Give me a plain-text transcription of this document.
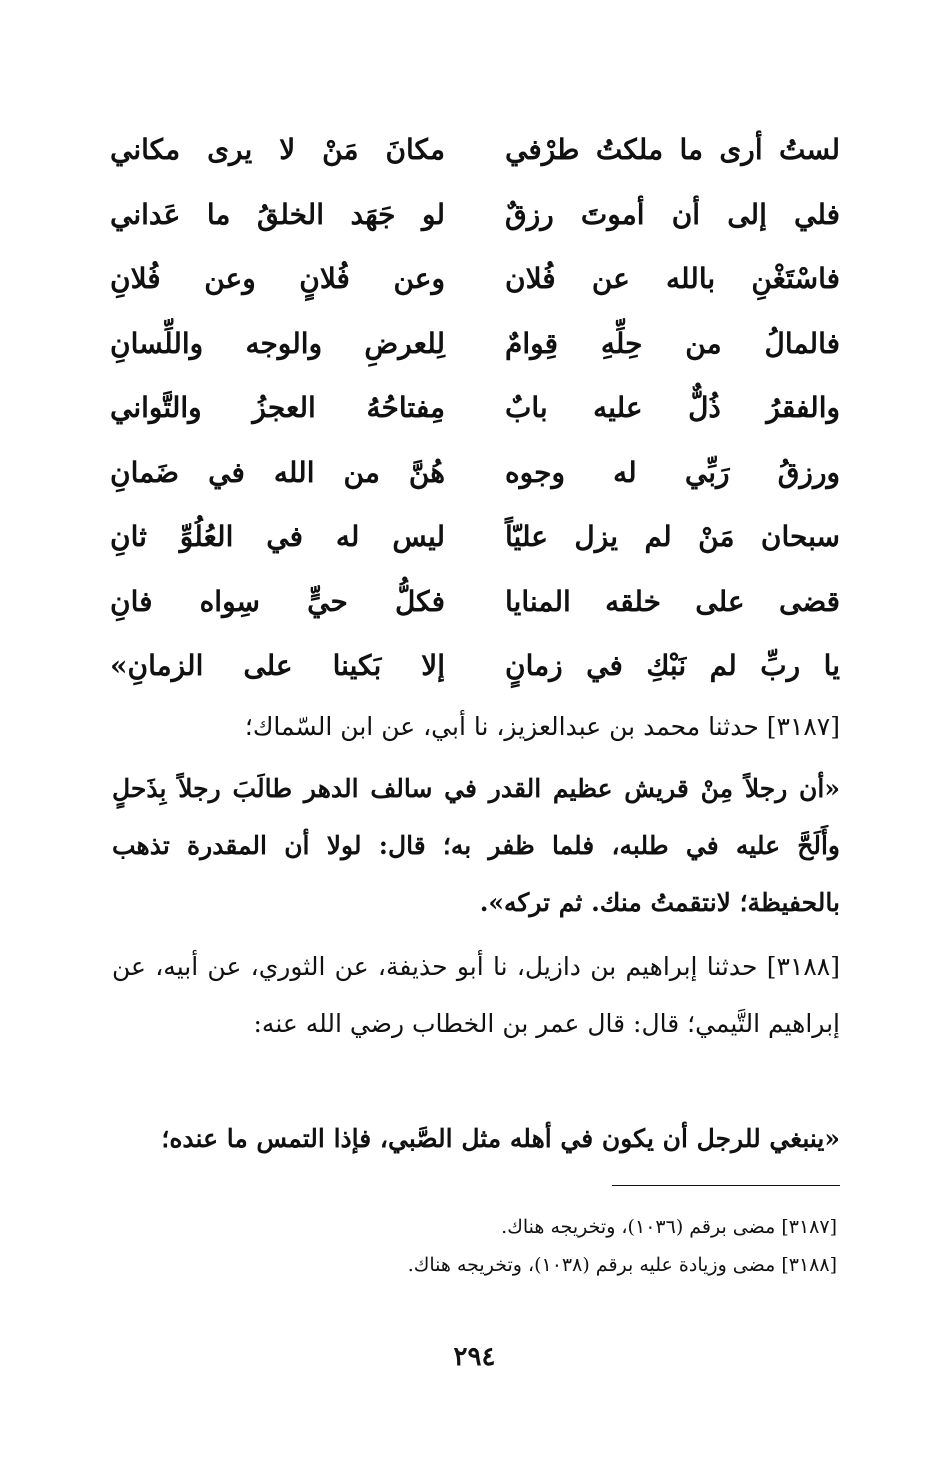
لستُ أرى ما ملكتُ طرْفي
مكانَ مَنْ لا يرى مكاني
فلي إلى أن أموتَ رزقٌ
لو جَهَد الخلقُ ما عَداني
فاسْتَغْنِ بالله عن فُلان
وعن فُلانٍ وعن فُلانِ
فالمالُ من حِلِّهِ قِوامٌ
لِلعرضِ والوجه واللِّسانِ
والفقرُ ذُلٌّ عليه بابٌ
مِفتاحُهُ العجزُ والتَّواني
ورزقُ رَبِّي له وجوه
هُنَّ من الله في ضَمانِ
سبحان مَنْ لم يزل عليّاً
ليس له في العُلُوِّ ثانِ
قضى على خلقه المنايا
فكلُّ حيٍّ سِواه فانِ
يا ربِّ لم نَبْكِ في زمانٍ
إلا بَكينا على الزمانِ»
[٣١٨٧] حدثنا محمد بن عبدالعزيز، نا أبي، عن ابن السّماك؛
«أن رجلاً مِنْ قريش عظيم القدر في سالف الدهر طالَبَ رجلاً بِذَحلٍ وأَلَحَّ عليه في طلبه، فلما ظفر به؛ قال: لولا أن المقدرة تذهب بالحفيظة؛ لانتقمتُ منك. ثم تركه».
[٣١٨٨] حدثنا إبراهيم بن دازيل، نا أبو حذيفة، عن الثوري، عن أبيه، عن إبراهيم التَّيمي؛ قال: قال عمر بن الخطاب رضي الله عنه:
«ينبغي للرجل أن يكون في أهله مثل الصَّبي، فإذا التمس ما عنده؛
[٣١٨٧] مضى برقم (١٠٣٦)، وتخريجه هناك.
[٣١٨٨] مضى وزيادة عليه برقم (١٠٣٨)، وتخريجه هناك.
٢٩٤
